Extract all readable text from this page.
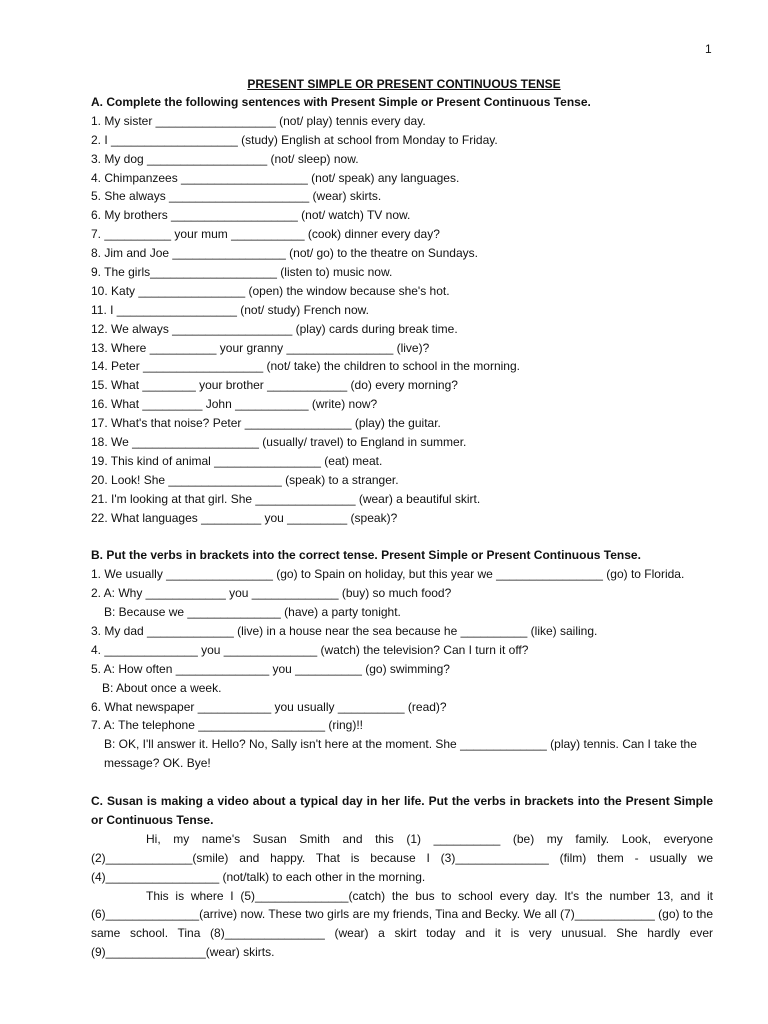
1
PRESENT SIMPLE OR PRESENT CONTINUOUS TENSE
A. Complete the following sentences with Present Simple or Present Continuous Tense.
1. My sister __________________ (not/ play) tennis every day.
2. I ___________________ (study) English at school from Monday to Friday.
3. My dog __________________ (not/ sleep) now.
4. Chimpanzees ___________________ (not/ speak) any languages.
5. She always _____________________ (wear) skirts.
6. My brothers ___________________ (not/ watch) TV now.
7. __________ your mum ___________ (cook) dinner every day?
8. Jim and Joe _________________ (not/ go) to the theatre on Sundays.
9. The girls___________________ (listen to) music now.
10. Katy ________________ (open) the window because she's hot.
11. I __________________ (not/ study) French now.
12. We always __________________ (play) cards during break time.
13. Where __________ your granny ________________ (live)?
14. Peter __________________ (not/ take) the children to school in the morning.
15. What ________ your brother ____________ (do) every morning?
16. What _________ John ___________ (write) now?
17. What's that noise? Peter ________________ (play) the guitar.
18. We ___________________ (usually/ travel) to England in summer.
19. This kind of animal ________________ (eat) meat.
20. Look! She _________________ (speak) to a stranger.
21. I'm looking at that girl. She _______________ (wear) a beautiful skirt.
22. What languages _________ you _________ (speak)?
B. Put the verbs in brackets into the correct tense. Present Simple or Present Continuous Tense.
1. We usually ________________ (go) to Spain on holiday, but this year we ________________ (go) to Florida.
2. A: Why ____________ you _____________ (buy) so much food?
B: Because we ______________ (have) a party tonight.
3. My dad _____________ (live) in a house near the sea because he __________ (like) sailing.
4. ______________ you ______________ (watch) the television? Can I turn it off?
5. A: How often ______________ you __________ (go) swimming?
B: About once a week.
6. What newspaper ___________ you usually __________ (read)?
7. A: The telephone ___________________ (ring)!!
B: OK, I'll answer it. Hello? No, Sally isn't here at the moment. She _____________ (play) tennis. Can I take the message? OK. Bye!
C. Susan is making a video about a typical day in her life. Put the verbs in brackets into the Present Simple or Continuous Tense.
Hi, my name's Susan Smith and this (1) __________ (be) my family. Look, everyone (2)_____________(smile) and happy. That is because I (3)______________ (film) them - usually we (4)_________________ (not/talk) to each other in the morning.
This is where I (5)______________(catch) the bus to school every day. It's the number 13, and it (6)______________(arrive) now. These two girls are my friends, Tina and Becky. We all (7)____________ (go) to the same school. Tina (8)_______________ (wear) a skirt today and it is very unusual. She hardly ever (9)_______________(wear) skirts.
